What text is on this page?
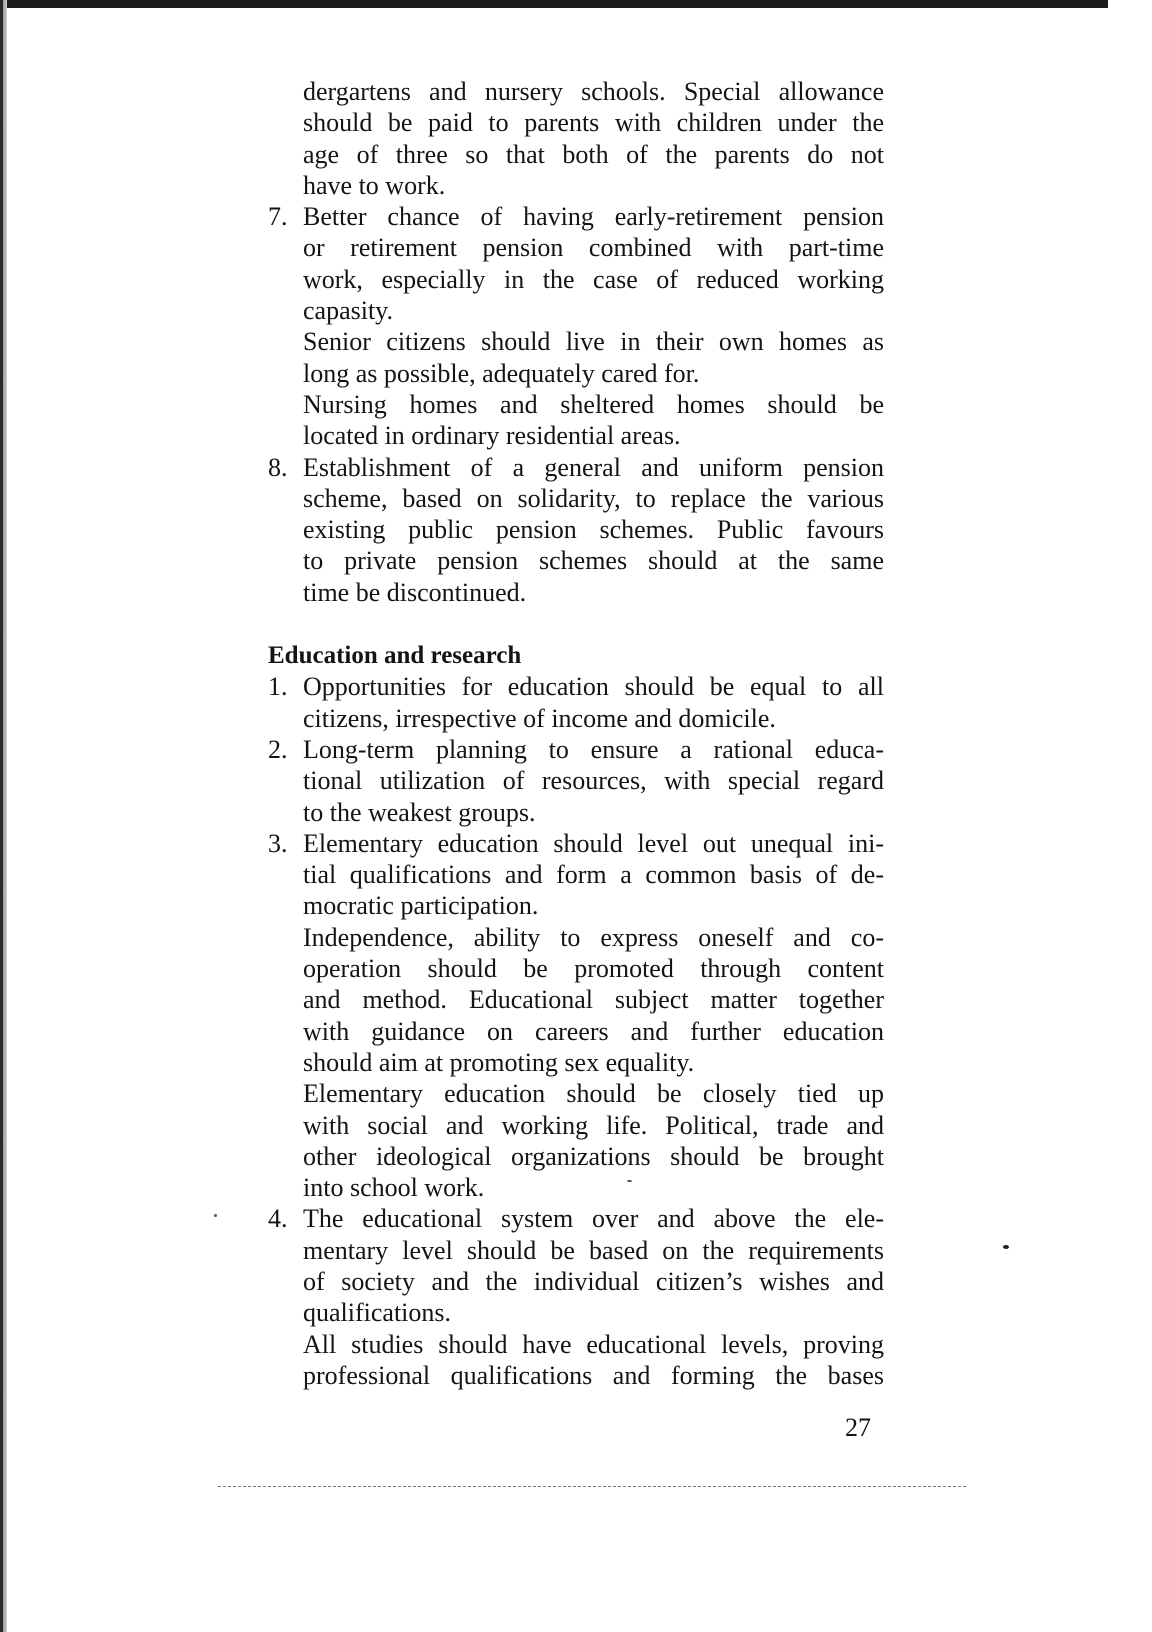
dergartens and nursery schools. Special allowance
should be paid to parents with children under the
age of three so that both of the parents do not
have to work.
7. Better chance of having early-retirement pension
or retirement pension combined with part-time
work, especially in the case of reduced working
capasity.
Senior citizens should live in their own homes as
long as possible, adequately cared for.
Nursing homes and sheltered homes should be
located in ordinary residential areas.
8. Establishment of a general and uniform pension
scheme, based on solidarity, to replace the various
existing public pension schemes. Public favours
to private pension schemes should at the same
time be discontinued.
Education and research
1. Opportunities for education should be equal to all
citizens, irrespective of income and domicile.
2. Long-term planning to ensure a rational educa-
tional utilization of resources, with special regard
to the weakest groups.
3. Elementary education should level out unequal ini-
tial qualifications and form a common basis of de-
mocratic participation.
Independence, ability to express oneself and co-
operation should be promoted through content
and method. Educational subject matter together
with guidance on careers and further education
should aim at promoting sex equality.
Elementary education should be closely tied up
with social and working life. Political, trade and
other ideological organizations should be brought
into school work.
4. The educational system over and above the ele-
mentary level should be based on the requirements
of society and the individual citizen’s wishes and
qualifications.
All studies should have educational levels, proving
professional qualifications and forming the bases
27
